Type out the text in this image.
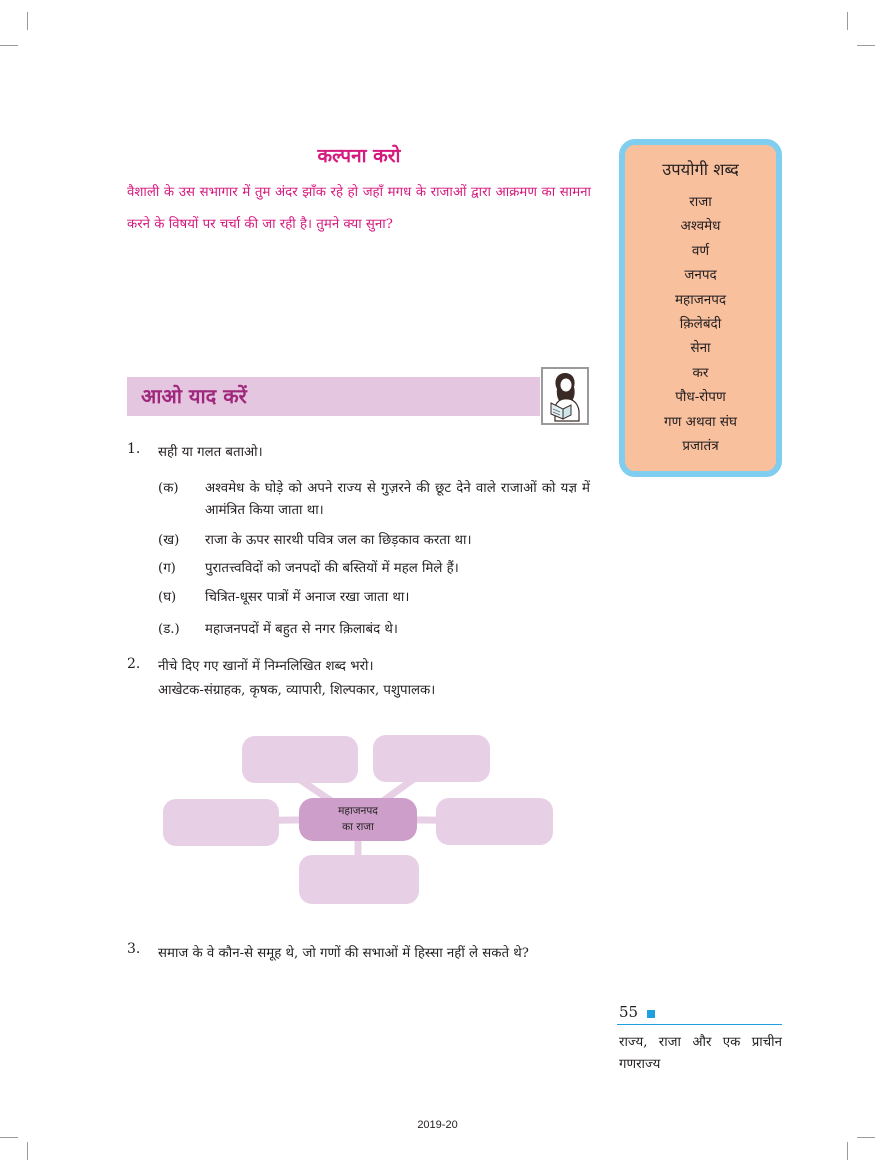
कल्पना करो
वैशाली के उस सभागार में तुम अंदर झाँक रहे हो जहाँ मगध के राजाओं द्वारा आक्रमण का सामना करने के विषयों पर चर्चा की जा रही है। तुमने क्या सुना?
उपयोगी शब्द
राजा
अश्वमेध
वर्ण
जनपद
महाजनपद
क़िलेबंदी
सेना
कर
पौध-रोपण
गण अथवा संघ
प्रजातंत्र
आओ याद करें
1. सही या गलत बताओ।
(क)	अश्वमेध के घोड़े को अपने राज्य से गुज़रने की छूट देने वाले राजाओं को यज्ञ में आमंत्रित किया जाता था।
(ख)	राजा के ऊपर सारथी पवित्र जल का छिड़काव करता था।
(ग)	पुरातत्त्वविदों को जनपदों की बस्तियों में महल मिले हैं।
(घ)	चित्रित-धूसर पात्रों में अनाज रखा जाता था।
(ड.)	महाजनपदों में बहुत से नगर क़िलाबंद थे।
2. नीचे दिए गए खानों में निम्नलिखित शब्द भरो।
आखेटक-संग्राहक, कृषक, व्यापारी, शिल्पकार, पशुपालक।
महाजनपद
का राजा
3. समाज के वे कौन-से समूह थे, जो गणों की सभाओं में हिस्सा नहीं ले सकते थे?
55
राज्य, राजा और एक प्राचीन गणराज्य
2019-20
